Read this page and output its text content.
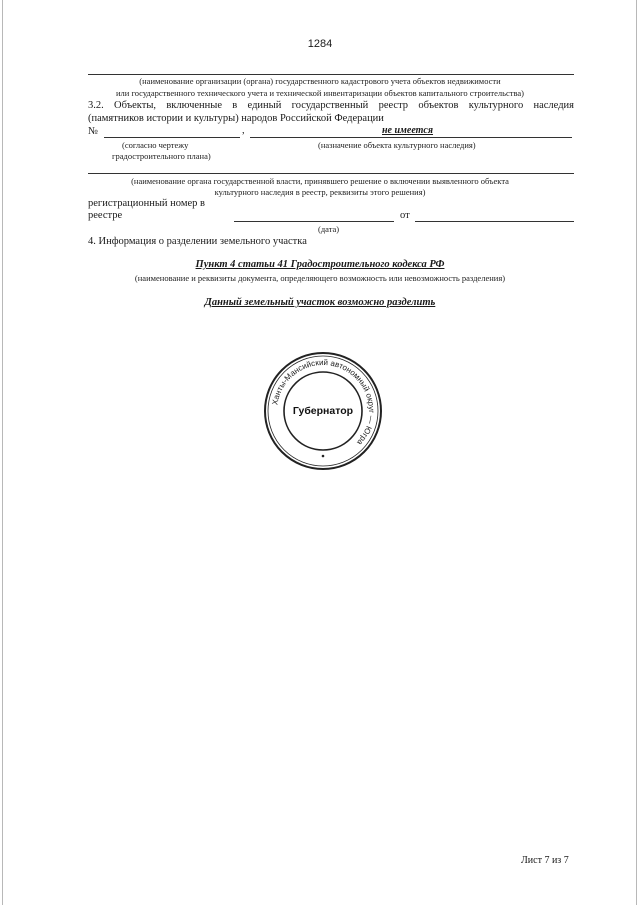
1284
(наименование организации (органа) государственного кадастрового учета объектов недвижимости
или государственного технического учета и технической инвентаризации объектов капитального строительства)
3.2. Объекты, включенные в единый государственный реестр объектов культурного наследия
(памятников истории и культуры) народов Российской Федерации
№	,	не имеется
(согласно чертежу
градостроительного плана)
(назначение объекта культурного наследия)
(наименование органа государственной власти, принявшего решение о включении выявленного объекта
культурного наследия в реестр, реквизиты этого решения)
регистрационный номер в
реестре	от
(дата)
4. Информация о разделении земельного участка
Пункт 4 статьи 41 Градостроительного кодекса РФ
(наименование и реквизиты документа, определяющего возможность или невозможность разделения)
Данный земельный участок возможно разделить
Ханты-Мансийский автономный округ — Югра
Губернатор
Лист 7 из 7
